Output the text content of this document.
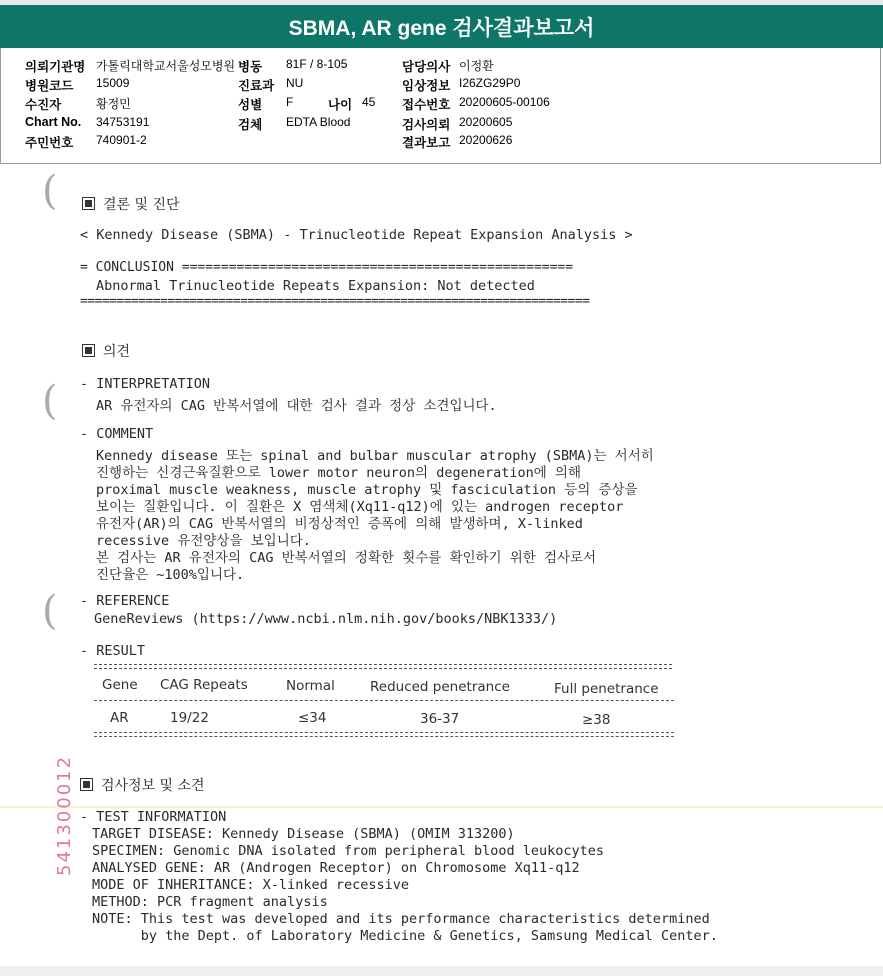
SBMA, AR gene 검사결과보고서
의뢰기관명 가톨릭대학교서울성모병원
병원코드 15009
수진자	황정민
Chart No. 34753191
주민번호 740901-2
병동 81F / 8-105
진료과 NU
성별 F	나이 45
검체 EDTA Blood
담당의사 이정환
임상정보 I26ZG29P0
접수번호 20200605-00106
검사의뢰 20200605
결과보고 20200626
(
(
(
결론 및 진단
< Kennedy Disease (SBMA) - Trinucleotide Repeat Expansion Analysis >
= CONCLUSION ==================================================
Abnormal Trinucleotide Repeats Expansion: Not detected
======================================================================
의견
- INTERPRETATION
AR 유전자의 CAG 반복서열에 대한 검사 결과 정상 소견입니다.
- COMMENT
Kennedy disease 또는 spinal and bulbar muscular atrophy (SBMA)는 서서히
진행하는 신경근육질환으로 lower motor neuron의 degeneration에 의해
proximal muscle weakness, muscle atrophy 및 fasciculation 등의 증상을
보이는 질환입니다. 이 질환은 X 염색체(Xq11-q12)에 있는 androgen receptor
유전자(AR)의 CAG 반복서열의 비정상적인 증폭에 의해 발생하며, X-linked
recessive 유전양상을 보입니다.
본 검사는 AR 유전자의 CAG 반복서열의 정확한 횟수를 확인하기 위한 검사로서
진단율은 ~100%입니다.
- REFERENCE
GeneReviews (https://www.ncbi.nlm.nih.gov/books/NBK1333/)
- RESULT
Gene CAG Repeats	Normal	Reduced penetrance	Full penetrance
AR	19/22	≤34	36-37	≥38
검사정보 및 소견
- TEST INFORMATION
TARGET DISEASE: Kennedy Disease (SBMA) (OMIM 313200)
SPECIMEN: Genomic DNA isolated from peripheral blood leukocytes
ANALYSED GENE: AR (Androgen Receptor) on Chromosome Xq11-q12
MODE OF INHERITANCE: X-linked recessive
METHOD: PCR fragment analysis
NOTE: This test was developed and its performance characteristics determined
by the Dept. of Laboratory Medicine & Genetics, Samsung Medical Center.
541300012
